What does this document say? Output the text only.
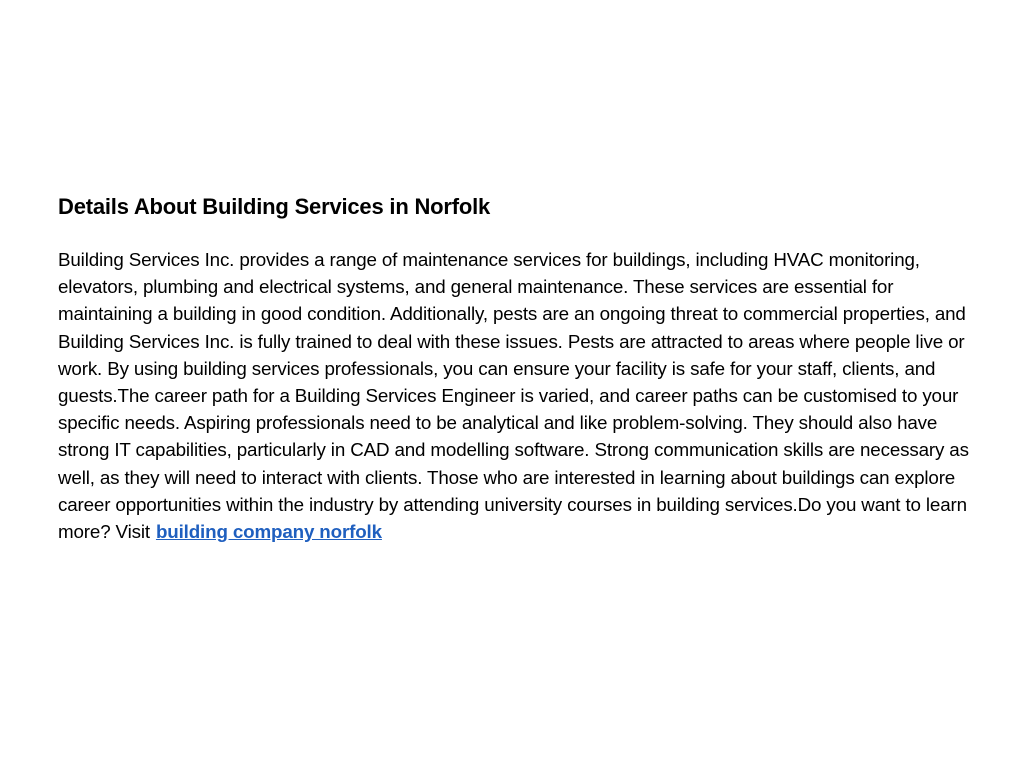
Details About Building Services in Norfolk

Building Services Inc. provides a range of maintenance services for buildings, including HVAC monitoring, elevators, plumbing and electrical systems, and general maintenance. These services are essential for maintaining a building in good condition. Additionally, pests are an ongoing threat to commercial properties, and Building Services Inc. is fully trained to deal with these issues. Pests are attracted to areas where people live or work. By using building services professionals, you can ensure your facility is safe for your staff, clients, and guests.The career path for a Building Services Engineer is varied, and career paths can be customised to your specific needs. Aspiring professionals need to be analytical and like problem-solving. They should also have strong IT capabilities, particularly in CAD and modelling software. Strong communication skills are necessary as well, as they will need to interact with clients. Those who are interested in learning about buildings can explore career opportunities within the industry by attending university courses in building services.Do you want to learn more? Visit building company norfolk
